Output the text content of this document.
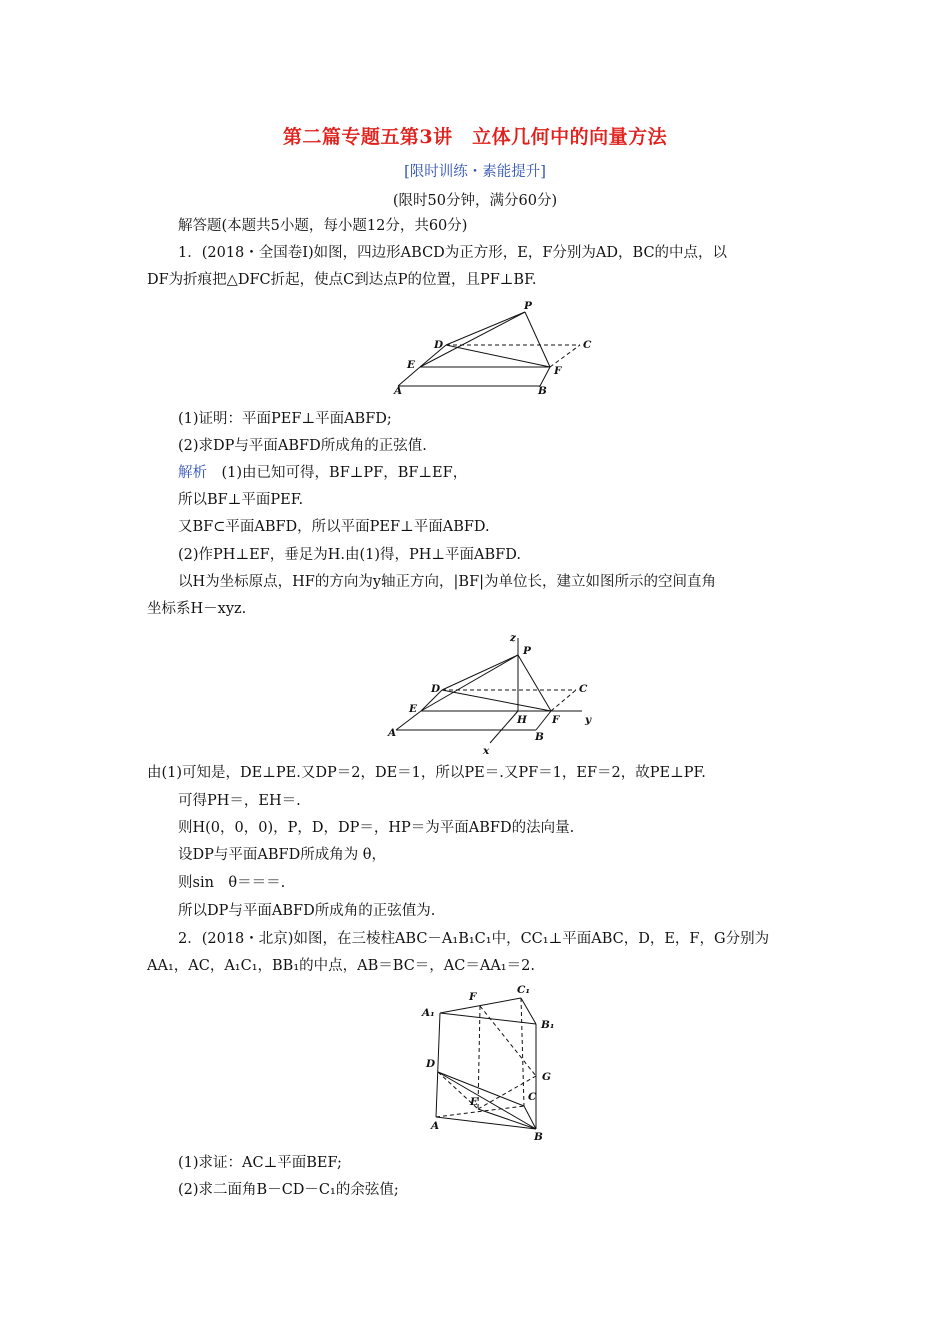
第二篇专题五第3讲　立体几何中的向量方法
[限时训练・素能提升]
(限时50分钟，满分60分)
解答题(本题共5小题，每小题12分，共60分)
1．(2018・全国卷Ⅰ)如图，四边形ABCD为正方形，E，F分别为AD，BC的中点，以
DF为折痕把△DFC折起，使点C到达点P的位置，且PF⊥BF.
P
D	C
E	F
A	B
(1)证明：平面PEF⊥平面ABFD;
(2)求DP与平面ABFD所成角的正弦值.
解析　 (1)由已知可得，BF⊥PF，BF⊥EF，
所以BF⊥平面PEF.
又BF⊂平面ABFD，所以平面PEF⊥平面ABFD.
(2)作PH⊥EF，垂足为H.由(1)得，PH⊥平面ABFD.
以H为坐标原点，HF的方向为y轴正方向，|BF|为单位长，建立如图所示的空间直角
坐标系H－xyz.
z
P
D	C
E
H F y
A	B
x
由(1)可知是，DE⊥PE.又DP＝2，DE＝1，所以PE＝.又PF＝1，EF＝2，故PE⊥PF.
可得PH＝，EH＝.
则H(0，0，0)，P，D，DP＝，HP＝为平面ABFD的法向量.
设DP与平面ABFD所成角为 θ，
则sin　θ＝＝＝.
所以DP与平面ABFD所成角的正弦值为.
2．(2018・北京)如图，在三棱柱ABC－A₁B₁C₁中，CC₁⊥平面ABC，D，E，F，G分别为
AA₁，AC，A₁C₁，BB₁的中点，AB＝BC＝，AC＝AA₁＝2.
A₁
F
C₁
B₁
D
G
E	C
A
B
(1)求证：AC⊥平面BEF;
(2)求二面角B－CD－C₁的余弦值;
